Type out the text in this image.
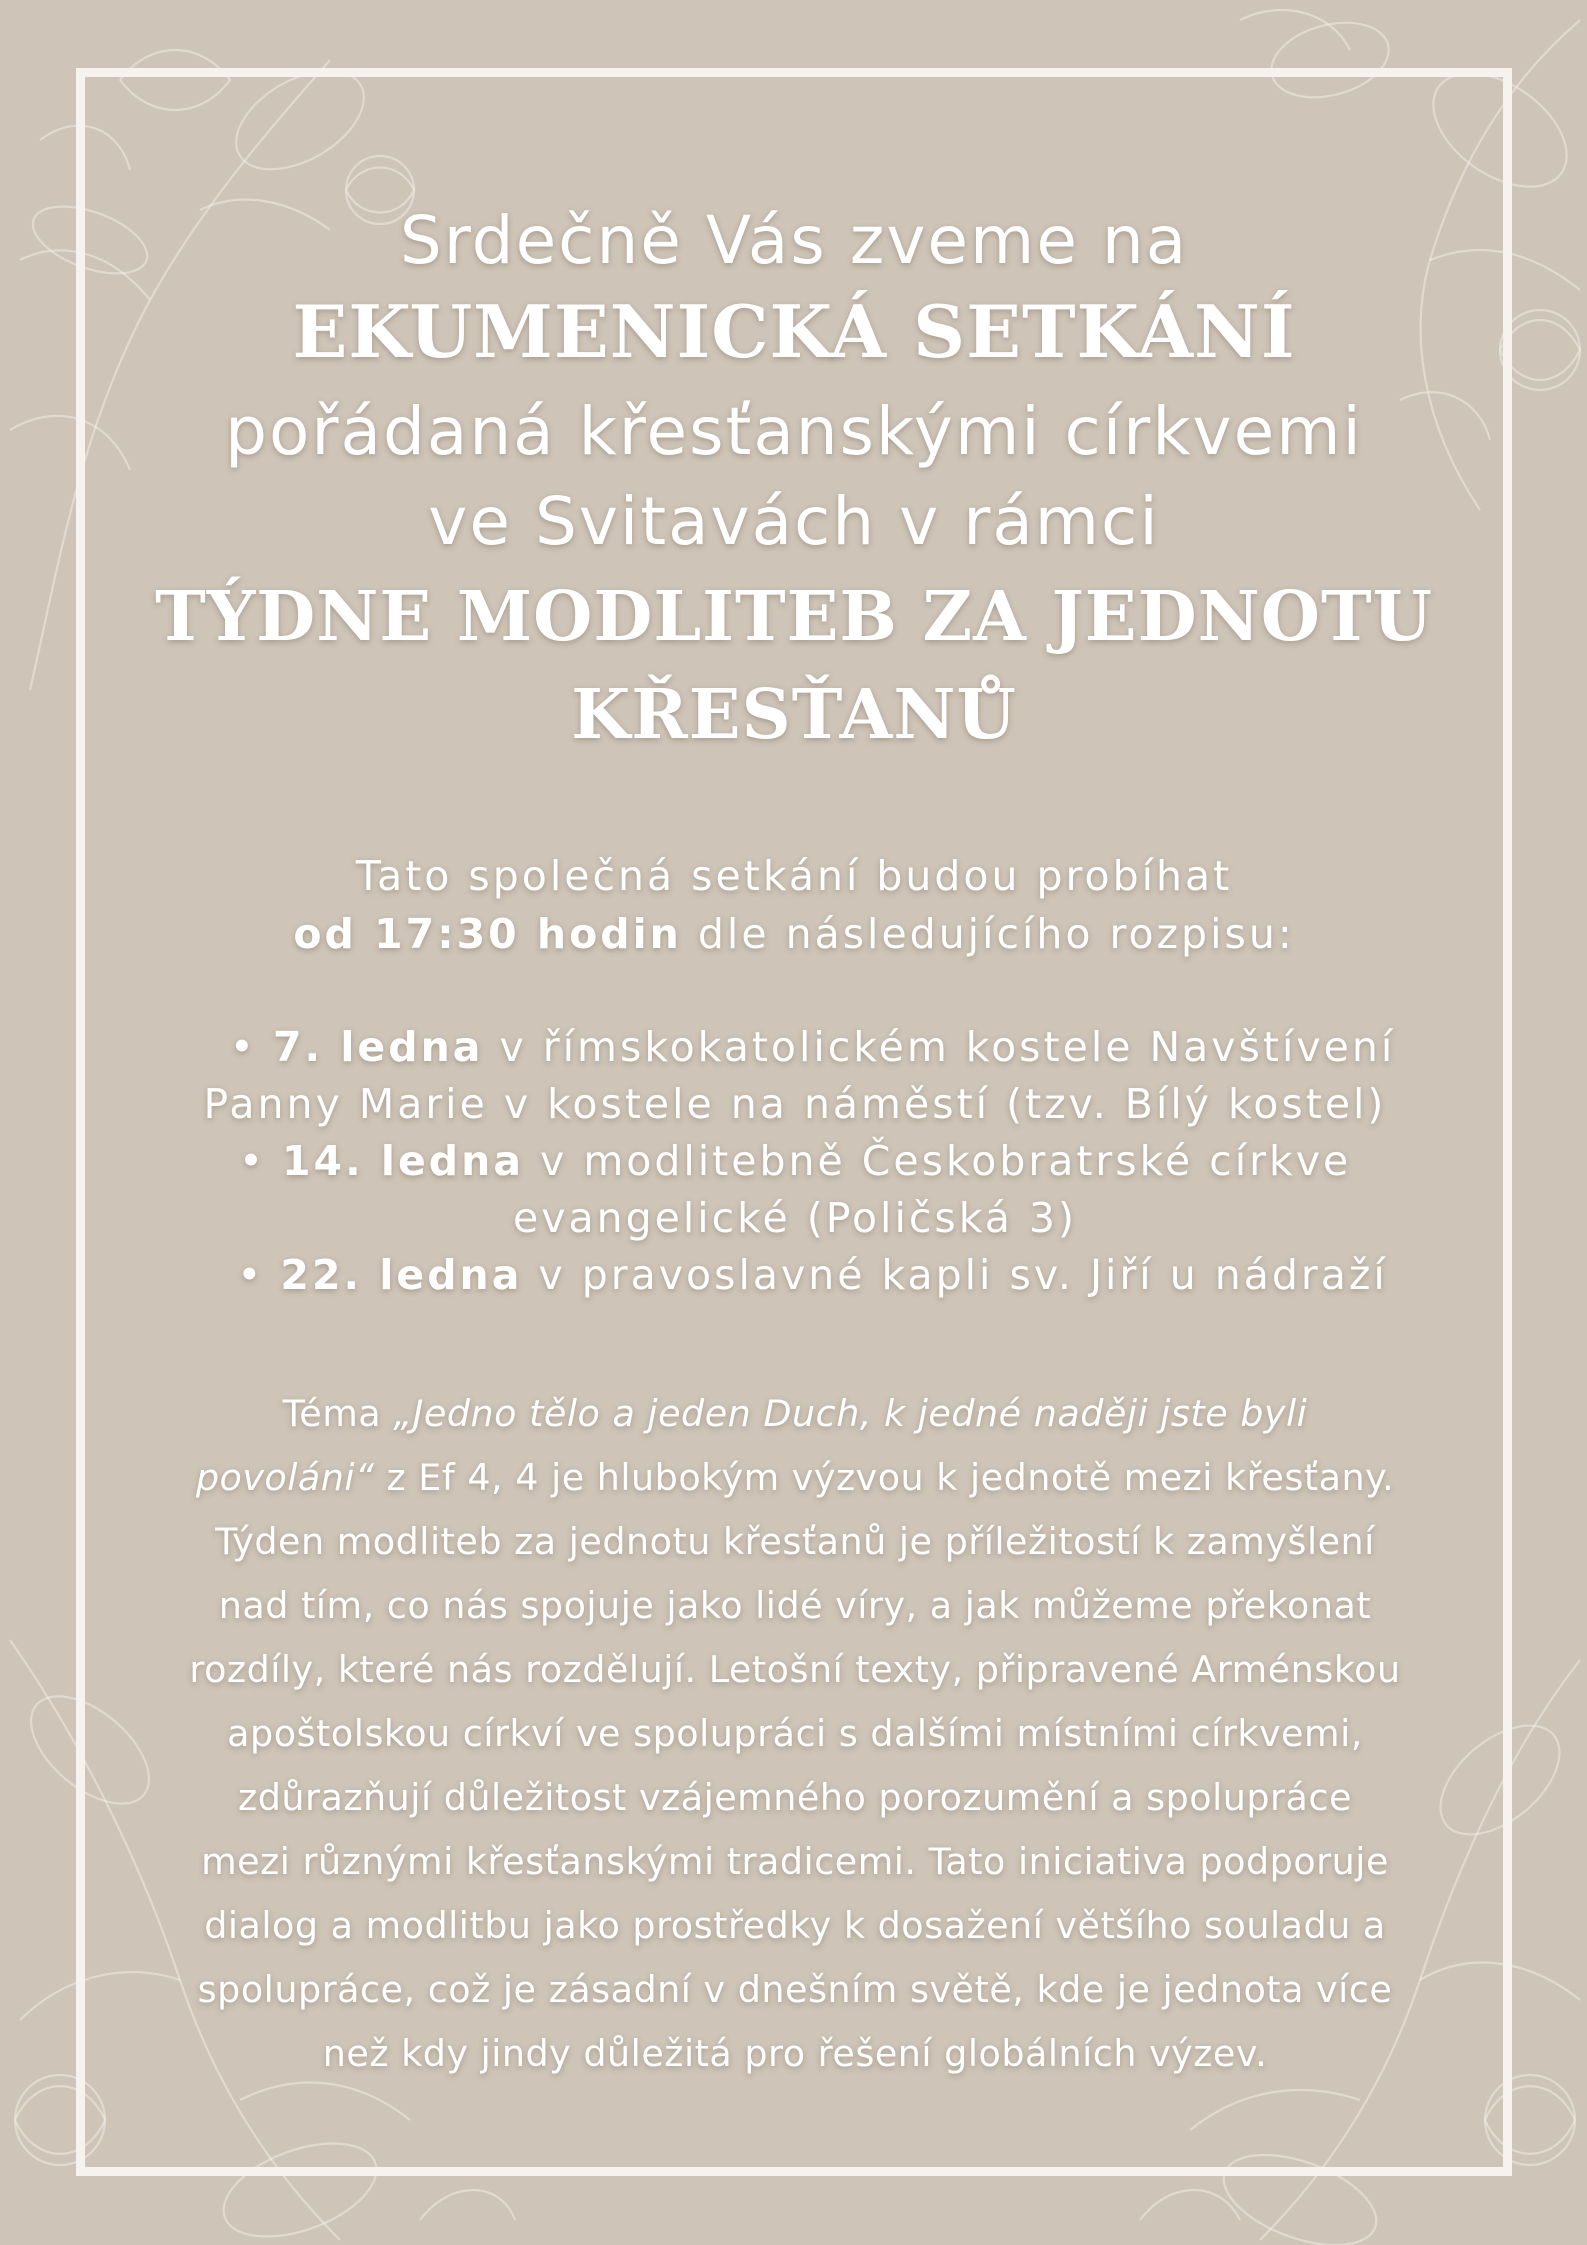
Srdečně Vás zveme na
EKUMENICKÁ SETKÁNÍ
pořádaná křesťanskými církvemi
ve Svitavách v rámci
TÝDNE MODLITEB ZA JEDNOTU
KŘESŤANŮ
Tato společná setkání budou probíhat
od 17:30 hodin dle následujícího rozpisu:
• 7. ledna v římskokatolickém kostele Navštívení
Panny Marie v kostele na náměstí (tzv. Bílý kostel)
• 14. ledna v modlitebně Českobratrské církve
evangelické (Poličská 3)
• 22. ledna v pravoslavné kapli sv. Jiří u nádraží
Téma „Jedno tělo a jeden Duch, k jedné naději jste byli
povoláni“ z Ef 4, 4 je hlubokým výzvou k jednotě mezi křesťany.
Týden modliteb za jednotu křesťanů je příležitostí k zamyšlení
nad tím, co nás spojuje jako lidé víry, a jak můžeme překonat
rozdíly, které nás rozdělují. Letošní texty, připravené Arménskou
apoštolskou církví ve spolupráci s dalšími místními církvemi,
zdůrazňují důležitost vzájemného porozumění a spolupráce
mezi různými křesťanskými tradicemi. Tato iniciativa podporuje
dialog a modlitbu jako prostředky k dosažení většího souladu a
spolupráce, což je zásadní v dnešním světě, kde je jednota více
než kdy jindy důležitá pro řešení globálních výzev.
